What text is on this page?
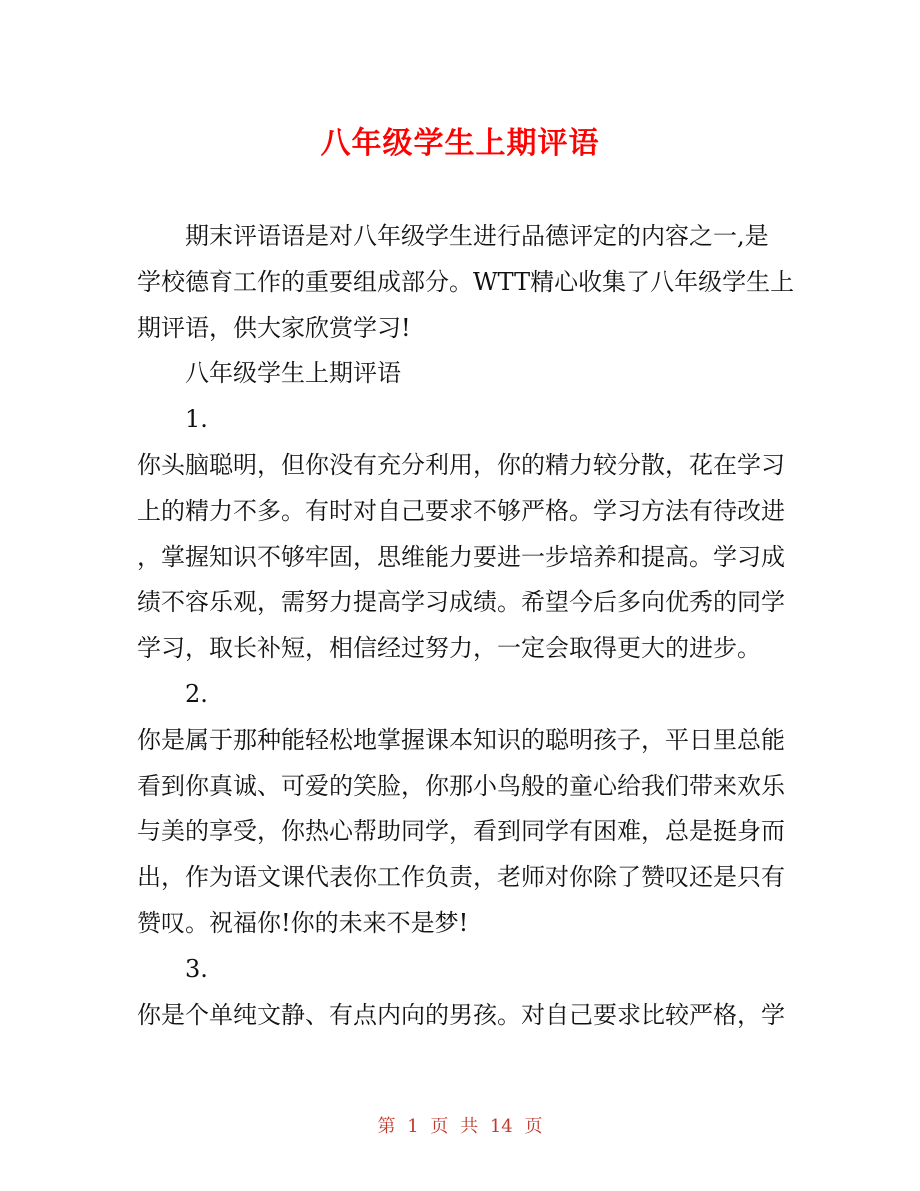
八年级学生上期评语
期末评语语是对八年级学生进行品德评定的内容之一,是
学校德育工作的重要组成部分。WTT精心收集了八年级学生上
期评语，供大家欣赏学习!
八年级学生上期评语
1.
你头脑聪明，但你没有充分利用，你的精力较分散，花在学习
上的精力不多。有时对自己要求不够严格。学习方法有待改进
，掌握知识不够牢固，思维能力要进一步培养和提高。学习成
绩不容乐观，需努力提高学习成绩。希望今后多向优秀的同学
学习，取长补短，相信经过努力，一定会取得更大的进步。
2.
你是属于那种能轻松地掌握课本知识的聪明孩子，平日里总能
看到你真诚、可爱的笑脸，你那小鸟般的童心给我们带来欢乐
与美的享受，你热心帮助同学，看到同学有困难，总是挺身而
出，作为语文课代表你工作负责，老师对你除了赞叹还是只有
赞叹。祝福你!你的未来不是梦!
3.
你是个单纯文静、有点内向的男孩。对自己要求比较严格，学
第 1 页 共 14 页
